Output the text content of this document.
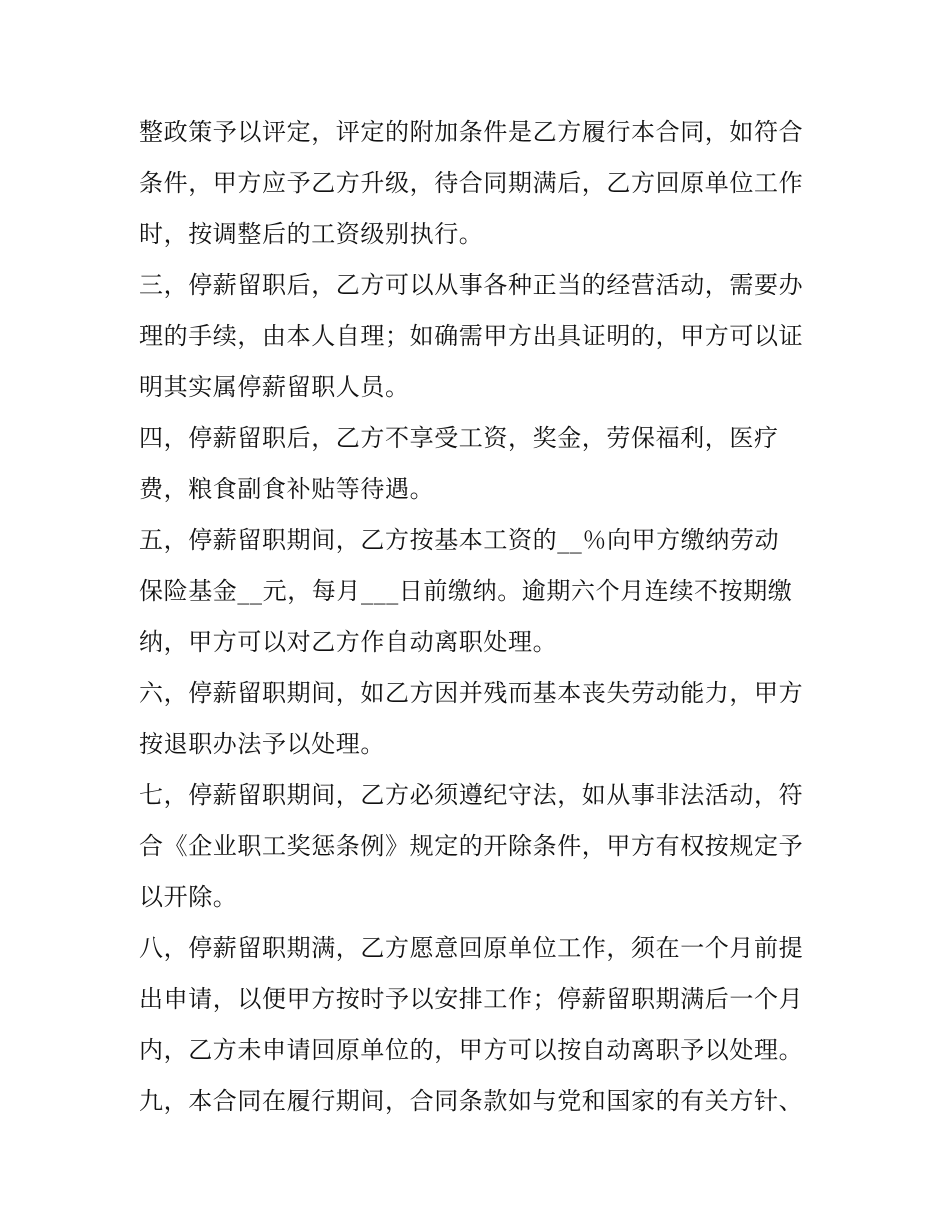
整政策予以评定，评定的附加条件是乙方履行本合同，如符合
条件，甲方应予乙方升级，待合同期满后，乙方回原单位工作
时，按调整后的工资级别执行。
三，停薪留职后，乙方可以从事各种正当的经营活动，需要办
理的手续，由本人自理；如确需甲方出具证明的，甲方可以证
明其实属停薪留职人员。
四，停薪留职后，乙方不享受工资，奖金，劳保福利，医疗
费，粮食副食补贴等待遇。
五，停薪留职期间，乙方按基本工资的__％向甲方缴纳劳动
保险基金__元，每月___日前缴纳。逾期六个月连续不按期缴
纳，甲方可以对乙方作自动离职处理。
六，停薪留职期间，如乙方因并残而基本丧失劳动能力，甲方
按退职办法予以处理。
七，停薪留职期间，乙方必须遵纪守法，如从事非法活动，符
合《企业职工奖惩条例》规定的开除条件，甲方有权按规定予
以开除。
八，停薪留职期满，乙方愿意回原单位工作，须在一个月前提
出申请，以便甲方按时予以安排工作；停薪留职期满后一个月
内，乙方未申请回原单位的，甲方可以按自动离职予以处理。
九，本合同在履行期间，合同条款如与党和国家的有关方针、
